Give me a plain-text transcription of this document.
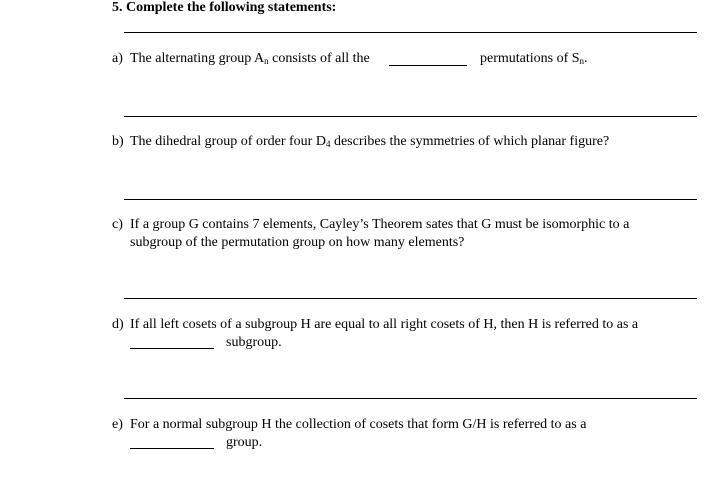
5. Complete the following statements:
a) The alternating group $A_n$ consists of all the	permutations of $S_n$.
b) The dihedral group of order four $D_4$ describes the symmetries of which planar figure?
c) If a group G contains 7 elements, Cayley’s Theorem sates that G must be isomorphic to a
subgroup of the permutation group on how many elements?
d) If all left cosets of a subgroup H are equal to all right cosets of H, then H is referred to as a
subgroup.
e) For a normal subgroup H the collection of cosets that form G/H is referred to as a
group.
